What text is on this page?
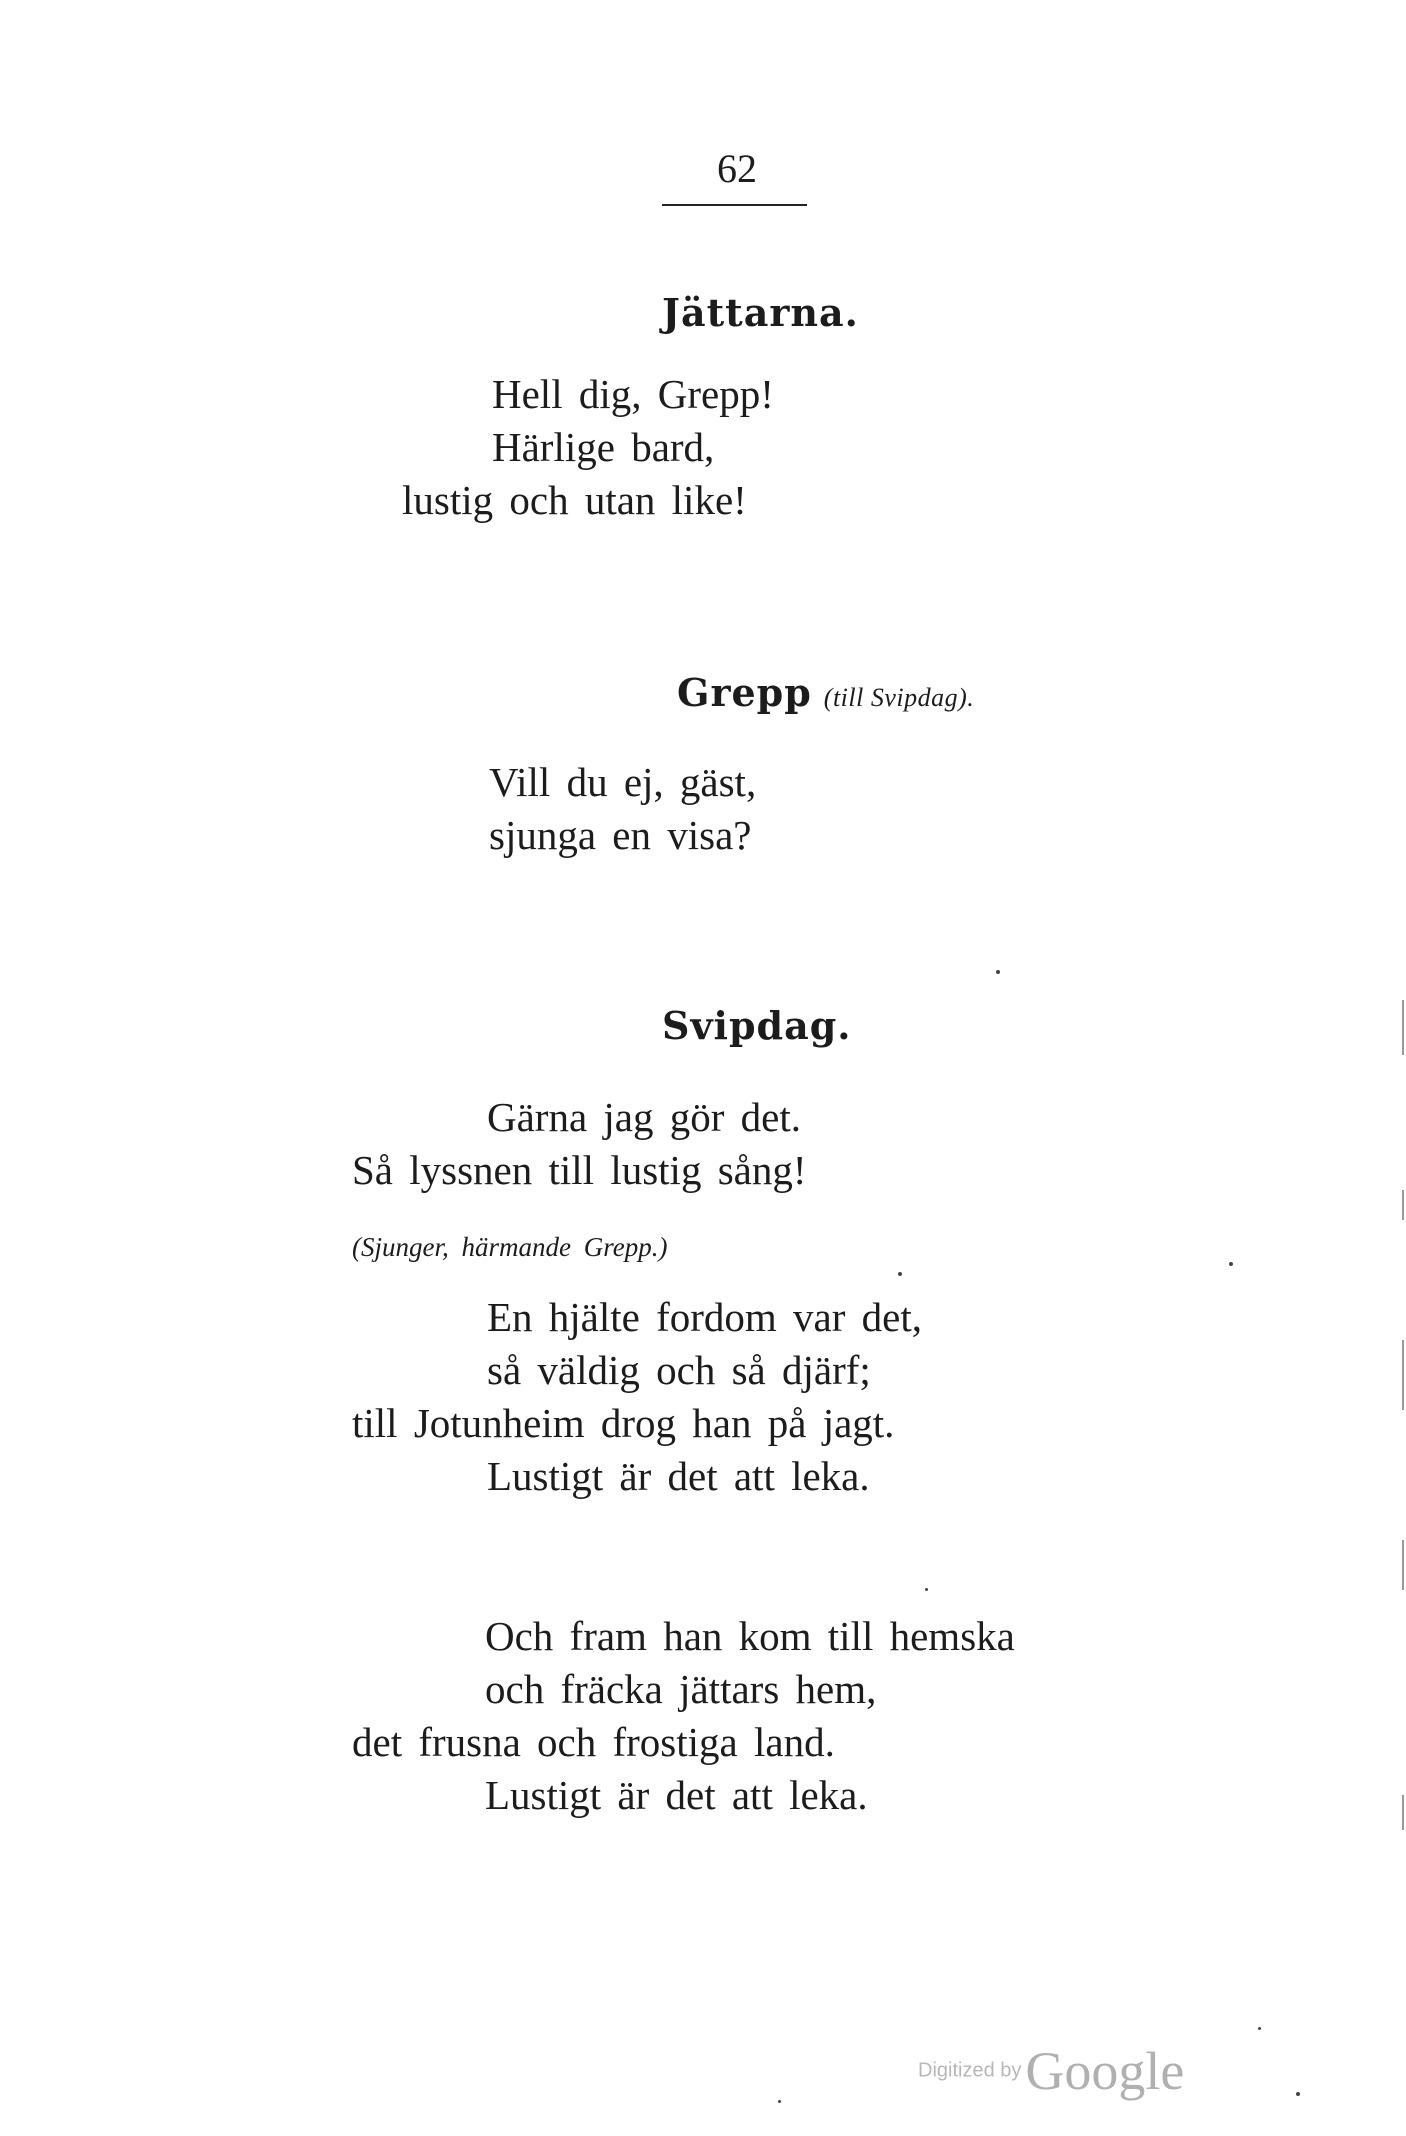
62
Jättarna.
Hell dig, Grepp!
Härlige bard,
lustig och utan like!
Grepp (till Svipdag).
Vill du ej, gäst,
sjunga en visa?
Svipdag.
Gärna jag gör det.
Så lyssnen till lustig sång!
(Sjunger, härmande Grepp.)
En hjälte fordom var det,
så väldig och så djärf;
till Jotunheim drog han på jagt.
Lustigt är det att leka.
Och fram han kom till hemska
och fräcka jättars hem,
det frusna och frostiga land.
Lustigt är det att leka.
Digitized byGoogle
